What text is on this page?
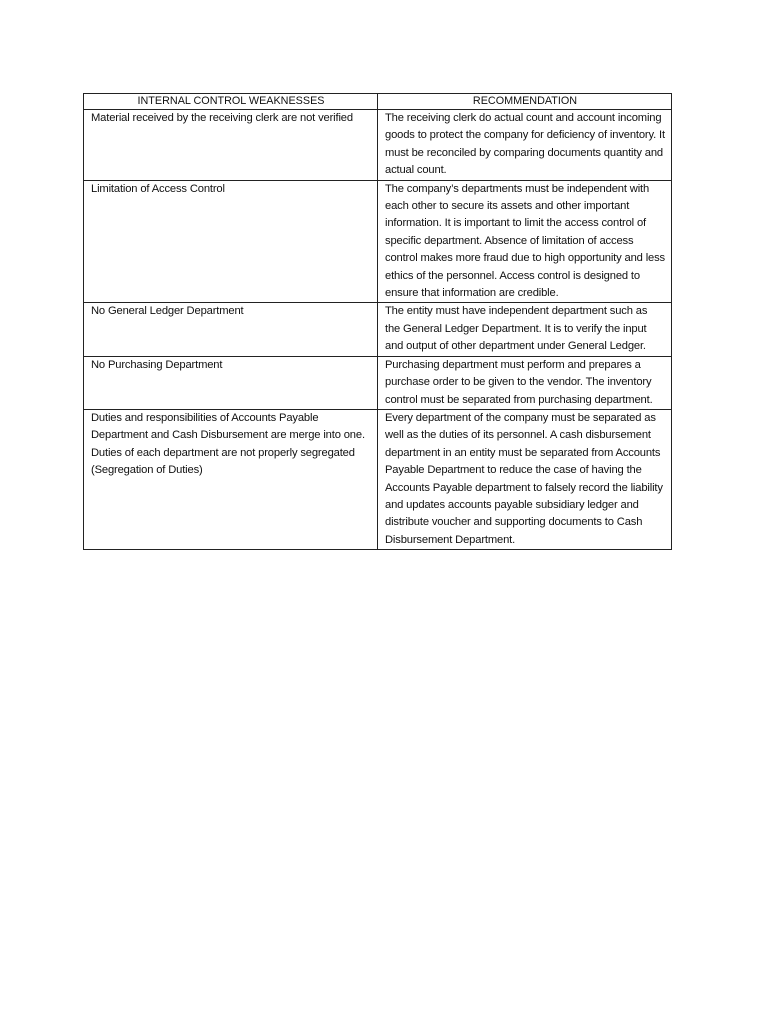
INTERNAL CONTROL WEAKNESSES	RECOMMENDATION

Material received by the receiving clerk are not verified	The receiving clerk do actual count and account incoming goods to protect the company for deficiency of inventory. It must be reconciled by comparing documents quantity and actual count.

Limitation of Access Control	The company’s departments must be independent with each other to secure its assets and other important information. It is important to limit the access control of specific department. Absence of limitation of access control makes more fraud due to high opportunity and less ethics of the personnel. Access control is designed to ensure that information are credible.

No General Ledger Department	The entity must have independent department such as the General Ledger Department. It is to verify the input and output of other department under General Ledger.

No Purchasing Department	Purchasing department must perform and prepares a purchase order to be given to the vendor. The inventory control must be separated from purchasing department.

Duties and responsibilities of Accounts Payable Department and Cash Disbursement are merge into one.
Duties of each department are not properly segregated (Segregation of Duties)	Every department of the company must be separated as well as the duties of its personnel. A cash disbursement department in an entity must be separated from Accounts Payable Department to reduce the case of having the Accounts Payable department to falsely record the liability and updates accounts payable subsidiary ledger and distribute voucher and supporting documents to Cash Disbursement Department.
